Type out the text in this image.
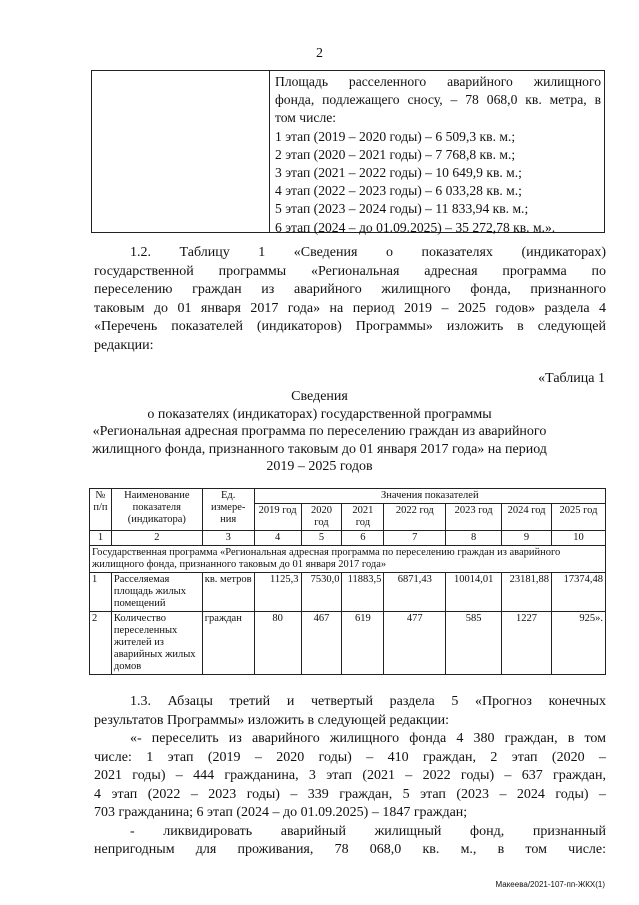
2
Площадь расселенного аварийного жилищного
фонда, подлежащего сносу, – 78 068,0 кв. метра, в
том числе:
1 этап (2019 – 2020 годы) – 6 509,3 кв. м.;
2 этап (2020 – 2021 годы) – 7 768,8 кв. м.;
3 этап (2021 – 2022 годы) – 10 649,9 кв. м.;
4 этап (2022 – 2023 годы) – 6 033,28 кв. м.;
5 этап (2023 – 2024 годы) – 11 833,94 кв. м.;
6 этап (2024 – до 01.09.2025) – 35 272,78 кв. м.».

1.2. Таблицу 1 «Сведения о показателях (индикаторах)

государственной программы «Региональная адресная программа по

переселению граждан из аварийного жилищного фонда, признанного

таковым до 01 января 2017 года» на период 2019 – 2025 годов» раздела 4

«Перечень показателей (индикаторов) Программы» изложить в следующей

редакции:

«Таблица 1
Сведения
о показателях (индикаторах) государственной программы
«Региональная адресная программа по переселению граждан из аварийного
жилищного фонда, признанного таковым до 01 января 2017 года» на период
2019 – 2025 годов
№ п/п	Наименование показателя (индикатора)	Ед. измере-ния	Значения показателей						
			2019 год	2020 год	2021 год	2022 год	2023 год	2024 год	2025 год
1	2	3	4	5	6	7	8	9	10
Государственная программа «Региональная адресная программа по переселению граждан из аварийного жилищного фонда, признанного таковым до 01 января 2017 года»									
1	Расселяемая площадь жилых помещений	кв. метров	1125,3	7530,0	11883,5	6871,43	10014,01	23181,88	17374,48
2	Количество переселенных жителей из аварийных жилых домов	граждан	80	467	619	477	585	1227	925».

1.3. Абзацы третий и четвертый раздела 5 «Прогноз конечных

результатов Программы» изложить в следующей редакции:

«- переселить из аварийного жилищного фонда 4 380 граждан, в том

числе: 1 этап (2019 – 2020 годы) – 410 граждан, 2 этап (2020 –

2021 годы) – 444 гражданина, 3 этап (2021 – 2022 годы) – 637 граждан,

4 этап (2022 – 2023 годы) – 339 граждан, 5 этап (2023 – 2024 годы) –

703 гражданина; 6 этап (2024 – до 01.09.2025) – 1847 граждан;

- ликвидировать аварийный жилищный фонд, признанный

непригодным для проживания, 78 068,0 кв. м., в том числе:

Макеева/2021-107-пп-ЖКХ(1)
